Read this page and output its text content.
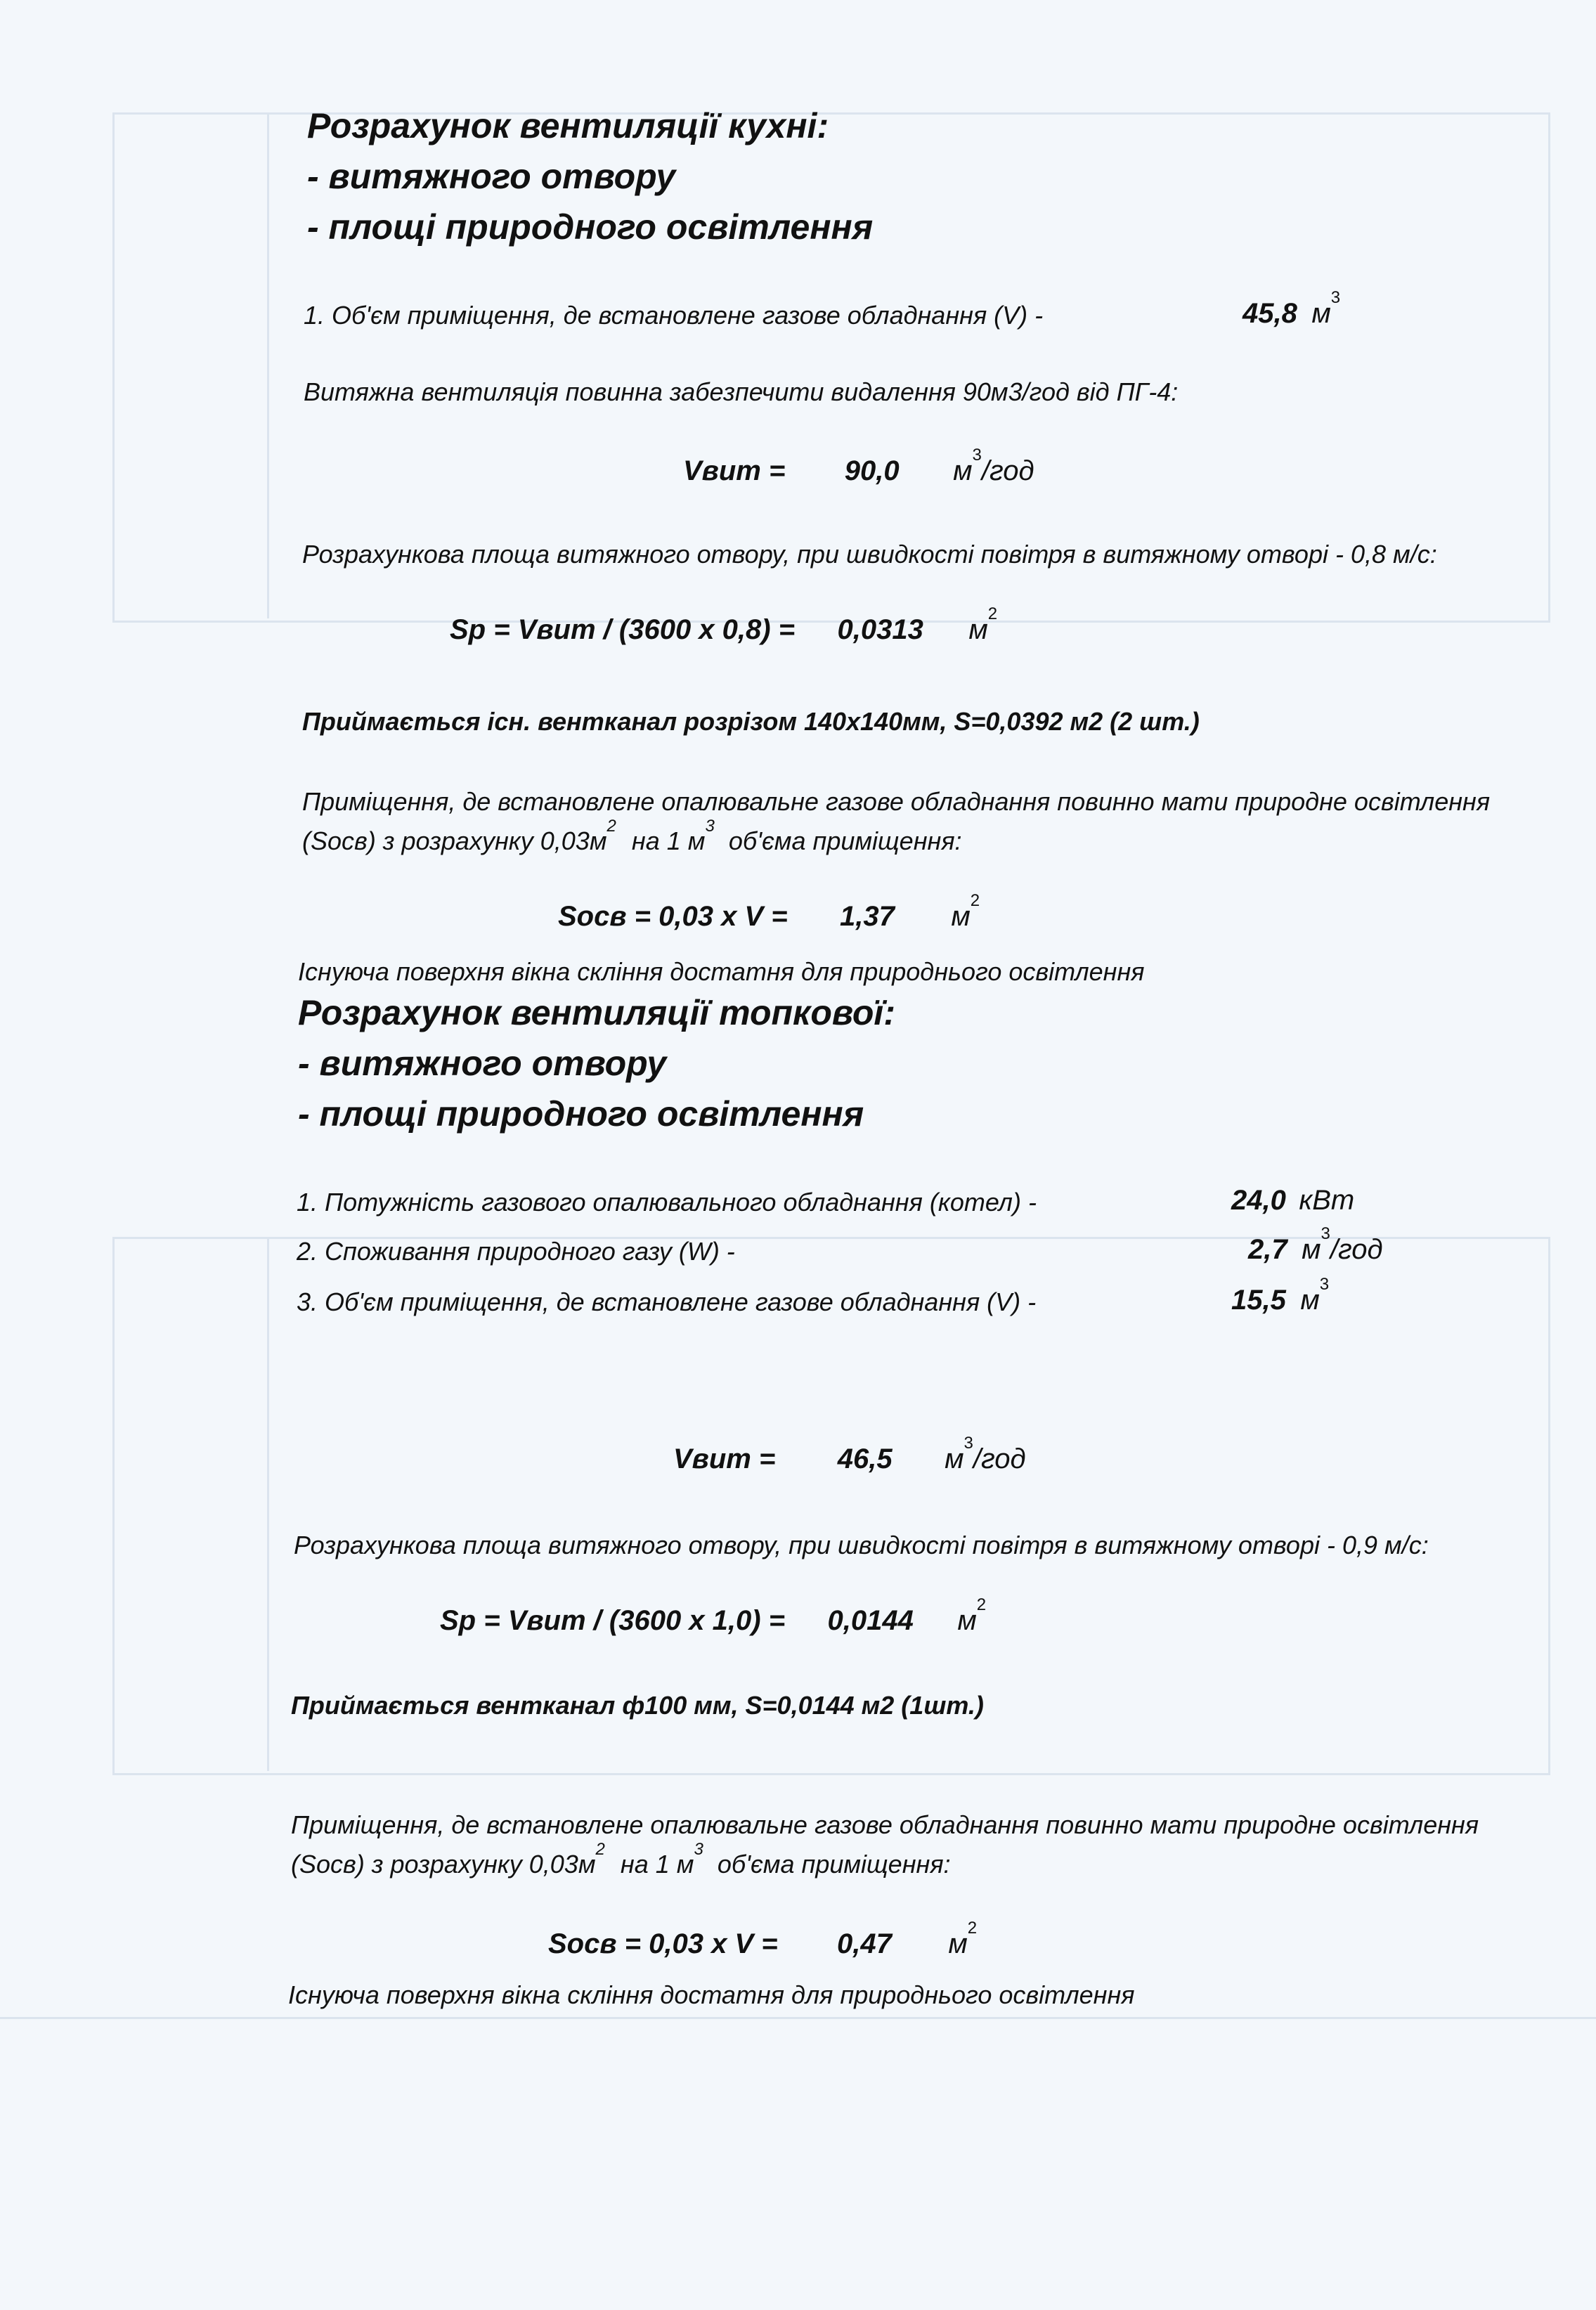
Розрахунок вентиляції кухні:
- витяжного отвору
- площі природного освітлення
1. Об'єм приміщення, де встановлене газове обладнання (V) -	45,8 $м^3$
Витяжна вентиляція повинна забезпечити видалення 90м3/год від ПГ-4:
Vвит = 90,0 $м^3$/год
Розрахункова площа витяжного отвору, при швидкості повітря в витяжному отворі - 0,8 м/с:
Sp = Vвит / (3600 х 0,8) = 0,0313 $м^2$
Приймається існ. вентканал розрізом 140х140мм, S=0,0392 м2 (2 шт.)
Приміщення, де встановлене опалювальне газове обладнання повинно мати природне освітлення
(Sосв) з розрахунку $0,03м^2$ на 1 $м^3$ об'єма приміщення:
Sосв = 0,03 х V = 1,37 $м^2$
Існуюча поверхня вікна скління достатня для природнього освітлення
Розрахунок вентиляції топкової:
- витяжного отвору
- площі природного освітлення
1. Потужність газового опалювального обладнання (котел) -	24,0 кВт
2. Споживання природного газу (W) -	2,7 $м^3$/год
3. Об'єм приміщення, де встановлене газове обладнання (V) -	15,5 $м^3$
Vвит = 46,5 $м^3$/год
Розрахункова площа витяжного отвору, при швидкості повітря в витяжному отворі - 0,9 м/с:
Sp = Vвит / (3600 х 1,0) = 0,0144 $м^2$
Приймається вентканал ф100 мм, S=0,0144 м2 (1шт.)
Приміщення, де встановлене опалювальне газове обладнання повинно мати природне освітлення
(Sосв) з розрахунку $0,03м^2$ на 1 $м^3$ об'єма приміщення:
Sосв = 0,03 х V = 0,47 $м^2$
Існуюча поверхня вікна скління достатня для природнього освітлення
